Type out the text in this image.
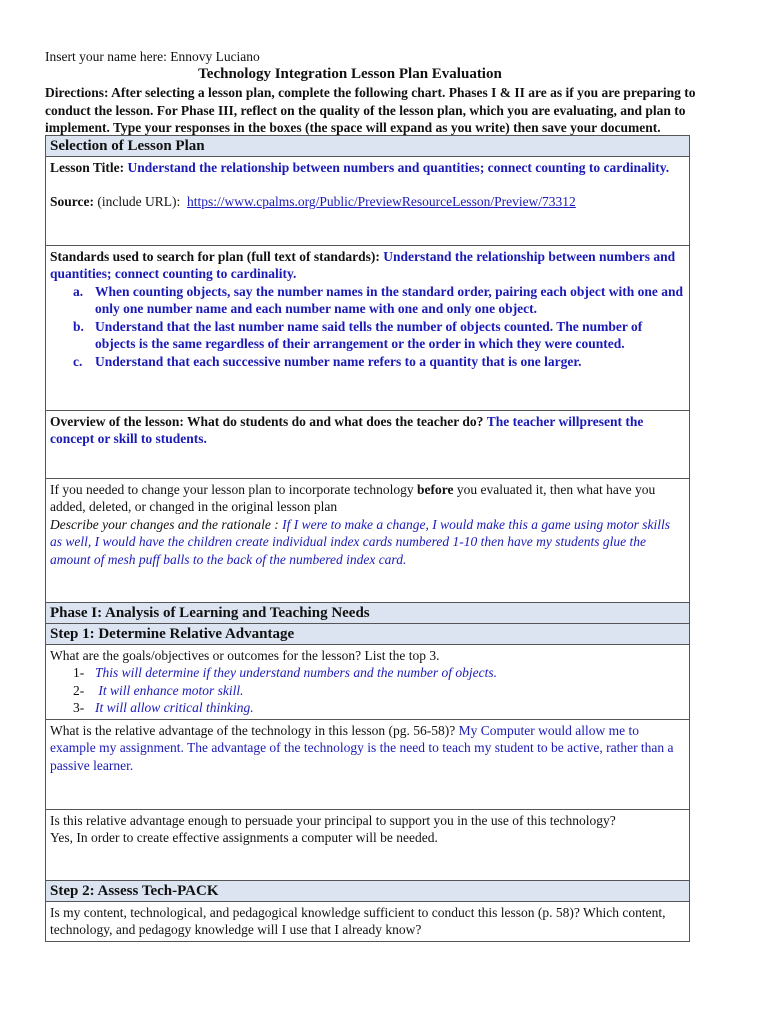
Insert your name here: Ennovy Luciano
Technology Integration Lesson Plan Evaluation
Directions: After selecting a lesson plan, complete the following chart. Phases I & II are as if you are preparing to conduct the lesson. For Phase III, reflect on the quality of the lesson plan, which you are evaluating, and plan to implement. Type your responses in the boxes (the space will expand as you write) then save your document.
Selection of Lesson Plan
Lesson Title: Understand the relationship between numbers and quantities; connect counting to cardinality.
Source: (include URL): https://www.cpalms.org/Public/PreviewResourceLesson/Preview/73312

Standards used to search for plan (full text of standards): Understand the relationship between numbers and quantities; connect counting to cardinality.
a. When counting objects, say the number names in the standard order, pairing each object with one and only one number name and each number name with one and only one object.
b. Understand that the last number name said tells the number of objects counted. The number of objects is the same regardless of their arrangement or the order in which they were counted.
c. Understand that each successive number name refers to a quantity that is one larger.

Overview of the lesson: What do students do and what does the teacher do? The teacher willpresent the concept or skill to students.
If you needed to change your lesson plan to incorporate technology before you evaluated it, then what have you added, deleted, or changed in the original lesson plan
Describe your changes and the rationale : If I were to make a change, I would make this a game using motor skills as well, I would have the children create individual index cards numbered 1-10 then have my students glue the amount of mesh puff balls to the back of the numbered index card.

Phase I: Analysis of Learning and Teaching Needs
Step 1: Determine Relative Advantage

What are the goals/objectives or outcomes for the lesson? List the top 3.
1- This will determine if they understand numbers and the number of objects.
2- It will enhance motor skill.
3- It will allow critical thinking.

What is the relative advantage of the technology in this lesson (pg. 56-58)? My Computer would allow me to example my assignment. The advantage of the technology is the need to teach my student to be active, rather than a passive learner.

Is this relative advantage enough to persuade your principal to support you in the use of this technology?
Yes, In order to create effective assignments a computer will be needed.

Step 2: Assess Tech-PACK

Is my content, technological, and pedagogical knowledge sufficient to conduct this lesson (p. 58)? Which content, technology, and pedagogy knowledge will I use that I already know?
